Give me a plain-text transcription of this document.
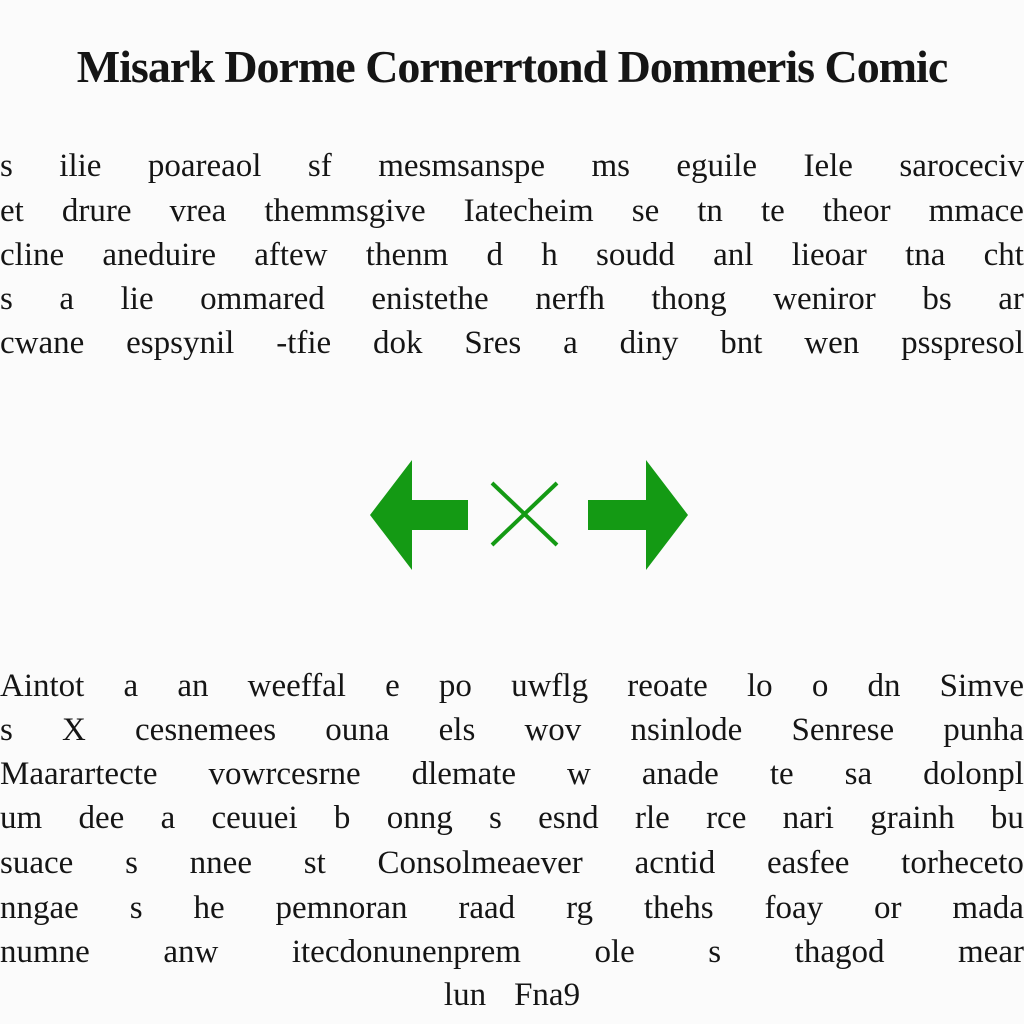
Misark Dorme Cornerrtond Dommeris Comic
s ilie poareaol sf mesmsanspe ms eguile Iele saroceciv
et drure vrea themmsgive Iatecheim se tn te theor mmace
cline aneduire aftew thenm d h soudd anl lieoar tna cht
s a lie ommared enistethe nerfh thong weniror bs ar
cwane espsynil -tfie dok Sres a diny bnt wen psspresol
Aintot a an weeffal e po uwflg reoate lo o dn Simve
s X cesnemees ouna els wov nsinlode Senrese punha
Maarartecte vowrcesrne dlemate w anade te sa dolonpl
um dee a ceuuei b onng s esnd rle rce nari grainh bu
suace s nnee st Consolmeaever acntid easfee torheceto
nngae s he pemnoran raad rg thehs foay or mada
numne anw itecdonunenprem ole s thagod mear
lun Fna9
